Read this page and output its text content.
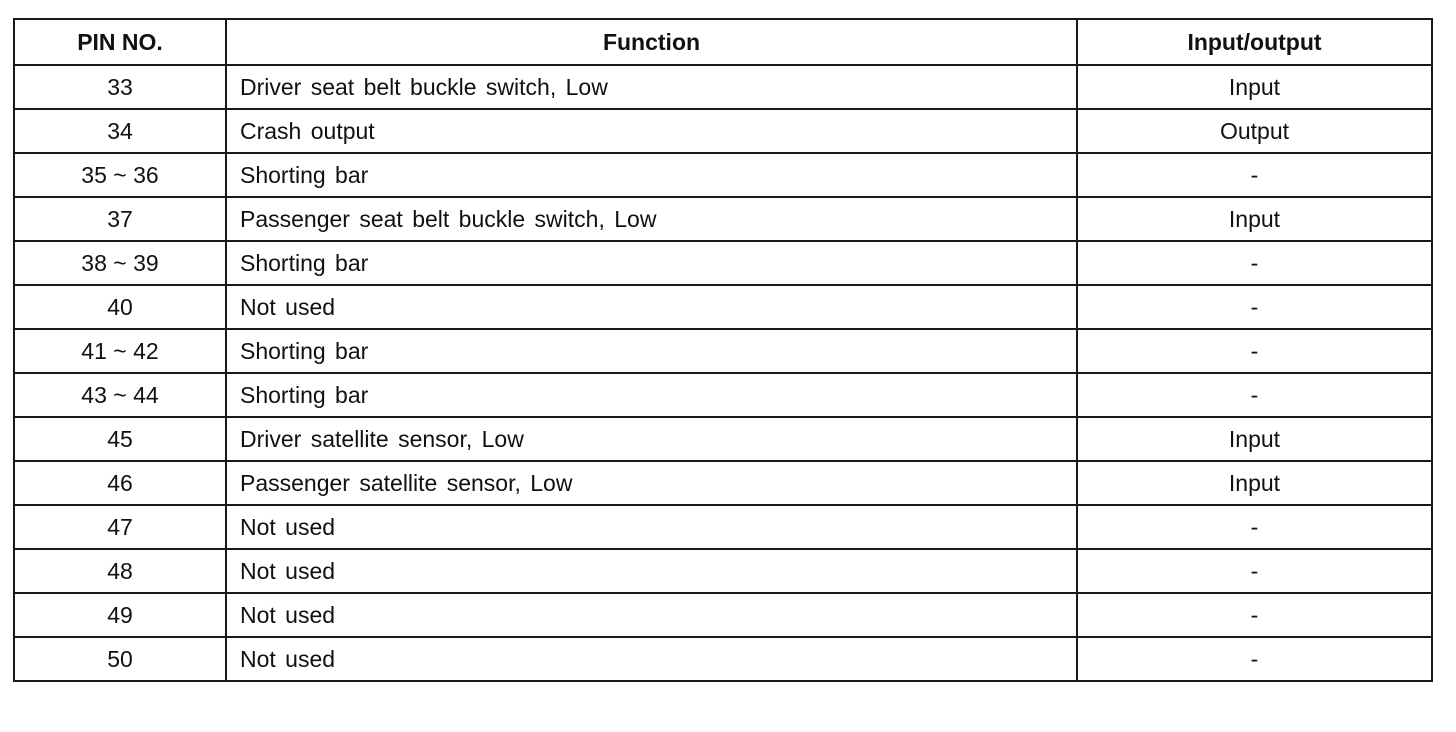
PIN NO.	Function	Input/output
33	Driver seat belt buckle switch, Low	Input
34	Crash output	Output
35 ~ 36	Shorting bar	-
37	Passenger seat belt buckle switch, Low	Input
38 ~ 39	Shorting bar	-
40	Not used	-
41 ~ 42	Shorting bar	-
43 ~ 44	Shorting bar	-
45	Driver satellite sensor, Low	Input
46	Passenger satellite sensor, Low	Input
47	Not used	-
48	Not used	-
49	Not used	-
50	Not used	-
